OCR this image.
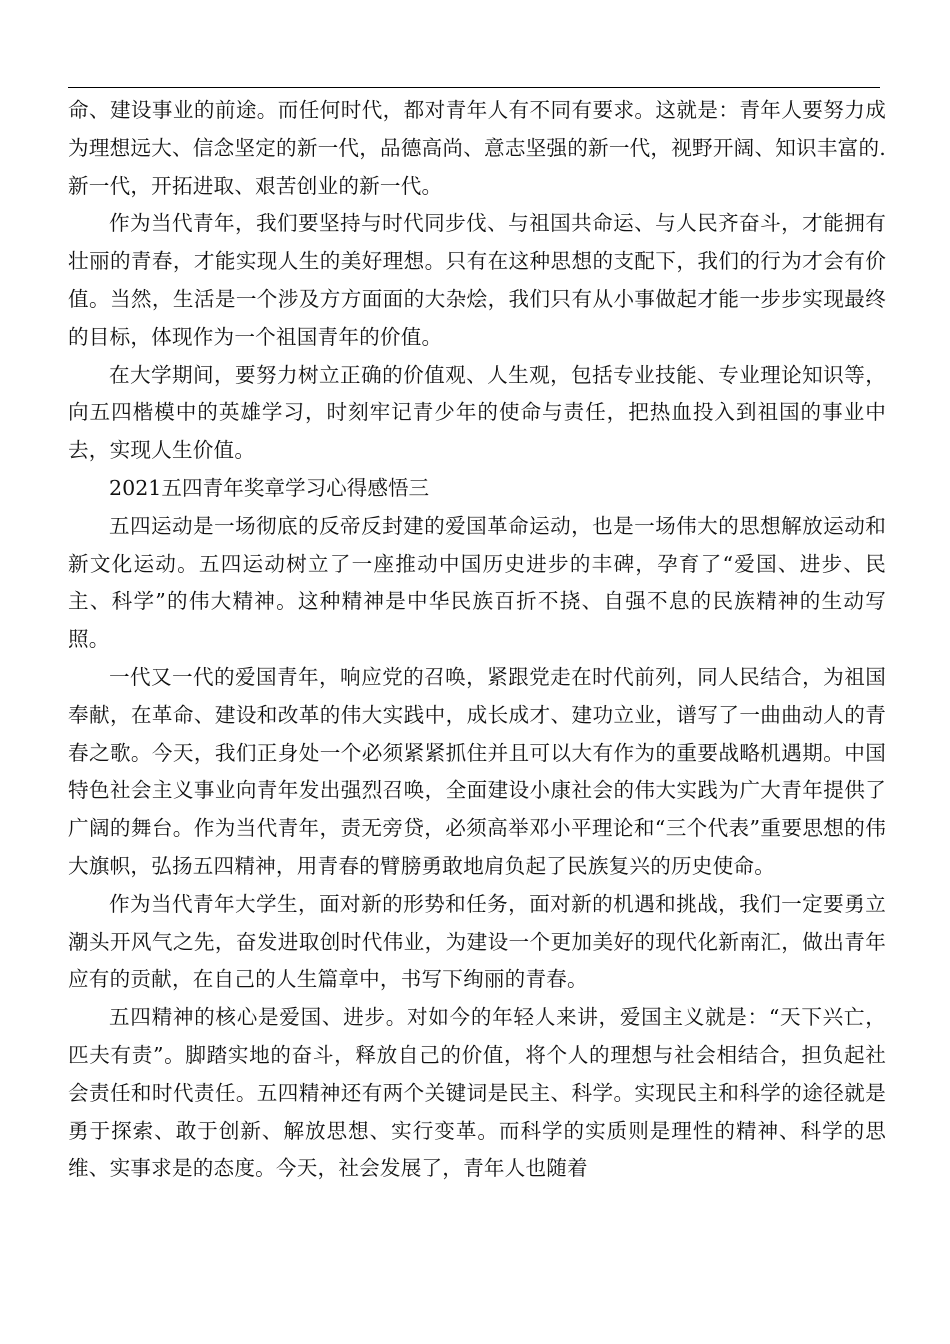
命、建设事业的前途。而任何时代，都对青年人有不同有要求。这就是：青年人要努力成为理想远大、信念坚定的新一代，品德高尚、意志坚强的新一代，视野开阔、知识丰富的.新一代，开拓进取、艰苦创业的新一代。

作为当代青年，我们要坚持与时代同步伐、与祖国共命运、与人民齐奋斗，才能拥有壮丽的青春，才能实现人生的美好理想。只有在这种思想的支配下，我们的行为才会有价值。当然，生活是一个涉及方方面面的大杂烩，我们只有从小事做起才能一步步实现最终的目标，体现作为一个祖国青年的价值。

在大学期间，要努力树立正确的价值观、人生观，包括专业技能、专业理论知识等，向五四楷模中的英雄学习，时刻牢记青少年的使命与责任，把热血投入到祖国的事业中去，实现人生价值。

2021五四青年奖章学习心得感悟三

五四运动是一场彻底的反帝反封建的爱国革命运动，也是一场伟大的思想解放运动和新文化运动。五四运动树立了一座推动中国历史进步的丰碑，孕育了“爱国、进步、民主、科学”的伟大精神。这种精神是中华民族百折不挠、自强不息的民族精神的生动写照。

一代又一代的爱国青年，响应党的召唤，紧跟党走在时代前列，同人民结合，为祖国奉献，在革命、建设和改革的伟大实践中，成长成才、建功立业，谱写了一曲曲动人的青春之歌。今天，我们正身处一个必须紧紧抓住并且可以大有作为的重要战略机遇期。中国特色社会主义事业向青年发出强烈召唤，全面建设小康社会的伟大实践为广大青年提供了广阔的舞台。作为当代青年，责无旁贷，必须高举邓小平理论和“三个代表”重要思想的伟大旗帜，弘扬五四精神，用青春的臂膀勇敢地肩负起了民族复兴的历史使命。

作为当代青年大学生，面对新的形势和任务，面对新的机遇和挑战，我们一定要勇立潮头开风气之先，奋发进取创时代伟业，为建设一个更加美好的现代化新南汇，做出青年应有的贡献，在自己的人生篇章中，书写下绚丽的青春。

五四精神的核心是爱国、进步。对如今的年轻人来讲，爱国主义就是：“天下兴亡，匹夫有责”。脚踏实地的奋斗，释放自己的价值，将个人的理想与社会相结合，担负起社会责任和时代责任。五四精神还有两个关键词是民主、科学。实现民主和科学的途径就是勇于探索、敢于创新、解放思想、实行变革。而科学的实质则是理性的精神、科学的思维、实事求是的态度。今天，社会发展了，青年人也随着
